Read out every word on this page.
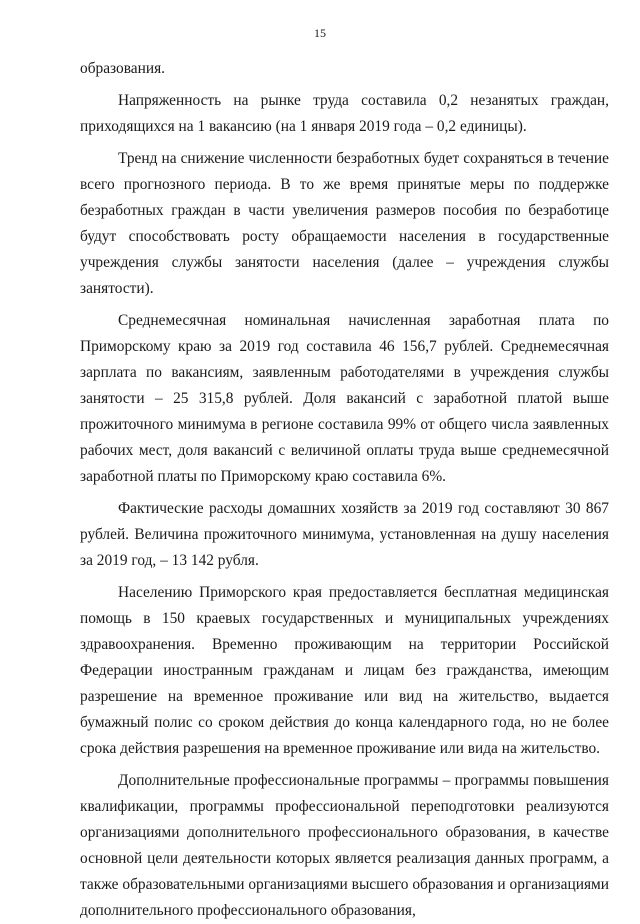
15

образования.

Напряженность на рынке труда составила 0,2 незанятых граждан, приходящихся на 1 вакансию (на 1 января 2019 года – 0,2 единицы).

Тренд на снижение численности безработных будет сохраняться в течение всего прогнозного периода. В то же время принятые меры по поддержке безработных граждан в части увеличения размеров пособия по безработице будут способствовать росту обращаемости населения в государственные учреждения службы занятости населения (далее – учреждения службы занятости).

Среднемесячная номинальная начисленная заработная плата по Приморскому краю за 2019 год составила 46 156,7 рублей. Среднемесячная зарплата по вакансиям, заявленным работодателями в учреждения службы занятости – 25 315,8 рублей. Доля вакансий с заработной платой выше прожиточного минимума в регионе составила 99% от общего числа заявленных рабочих мест, доля вакансий с величиной оплаты труда выше среднемесячной заработной платы по Приморскому краю составила 6%.

Фактические расходы домашних хозяйств за 2019 год составляют 30 867 рублей. Величина прожиточного минимума, установленная на душу населения за 2019 год, – 13 142 рубля.

Населению Приморского края предоставляется бесплатная медицинская помощь в 150 краевых государственных и муниципальных учреждениях здравоохранения. Временно проживающим на территории Российской Федерации иностранным гражданам и лицам без гражданства, имеющим разрешение на временное проживание или вид на жительство, выдается бумажный полис со сроком действия до конца календарного года, но не более срока действия разрешения на временное проживание или вида на жительство.

Дополнительные профессиональные программы – программы повышения квалификации, программы профессиональной переподготовки реализуются организациями дополнительного профессионального образования, в качестве основной цели деятельности которых является реализация данных программ, а также образовательными организациями высшего образования и организациями дополнительного профессионального образования,
